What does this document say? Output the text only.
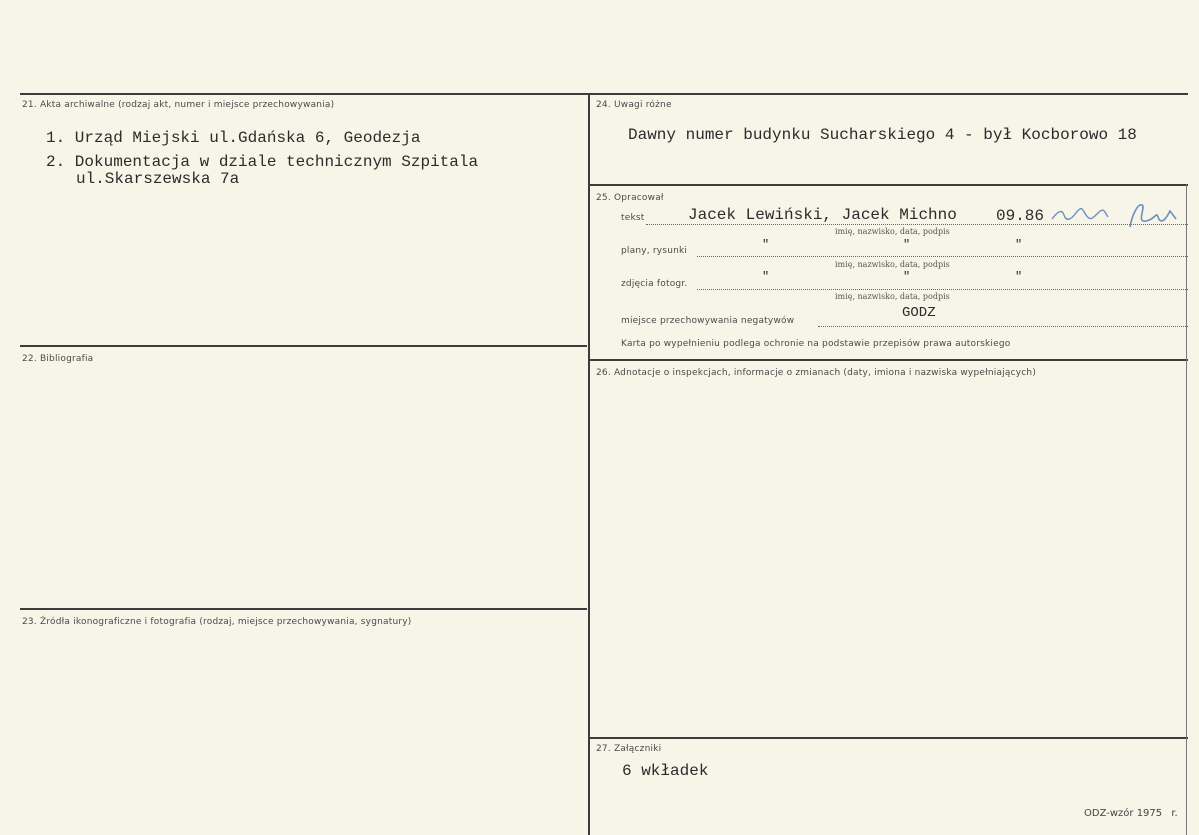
21. Akta archiwalne (rodzaj akt, numer i miejsce przechowywania)
1. Urząd Miejski ul.Gdańska 6, Geodezja
2. Dokumentacja w dziale technicznym Szpitala
ul.Skarszewska 7a
22. Bibliografia
23. Źródła ikonograficzne i fotografia (rodzaj, miejsce przechowywania, sygnatury)
24. Uwagi różne
Dawny numer budynku Sucharskiego 4 - był Kocborowo 18
25. Opracował
tekst	Jacek Lewiński, Jacek Michno 09.86
imię, nazwisko, data, podpis
plany, rysunki	"	"	"
imię, nazwisko, data, podpis
zdjęcia fotogr.	"	"	"
imię, nazwisko, data, podpis
miejsce przechowywania negatywów	GODZ
Karta po wypełnieniu podlega ochronie na podstawie przepisów prawa autorskiego
26. Adnotacje o inspekcjach, informacje o zmianach (daty, imiona i nazwiska wypełniających)
27. Załączniki
6 wkładek
ODZ-wzór 1975 r.
